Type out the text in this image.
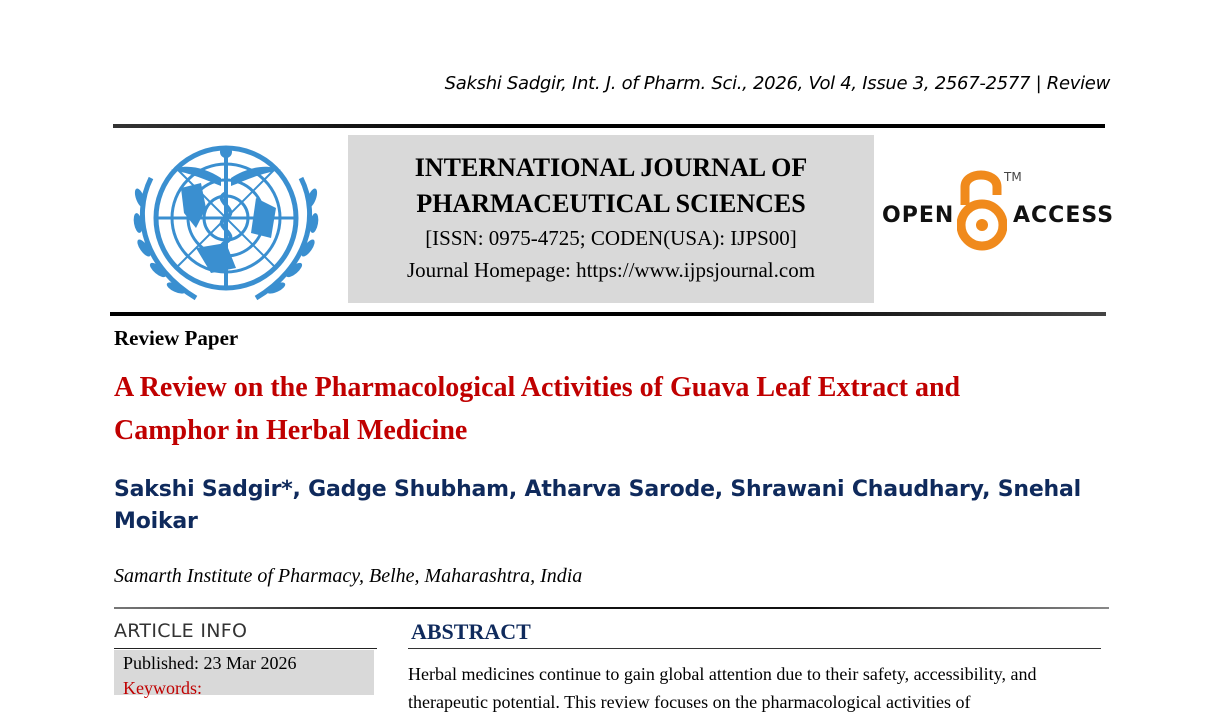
Sakshi Sadgir, Int. J. of Pharm. Sci., 2026, Vol 4, Issue 3, 2567-2577 | Review
INTERNATIONAL JOURNAL OF
PHARMACEUTICAL SCIENCES
[ISSN: 0975-4725; CODEN(USA): IJPS00]
Journal Homepage: https://www.ijpsjournal.com
OPEN
TM
ACCESS
Review Paper
A Review on the Pharmacological Activities of Guava Leaf Extract and
Camphor in Herbal Medicine
Sakshi Sadgir*, Gadge Shubham, Atharva Sarode, Shrawani Chaudhary, Snehal
Moikar
Samarth Institute of Pharmacy, Belhe, Maharashtra, India
ARTICLE INFO
Published: 23 Mar 2026
Keywords:
ABSTRACT
Herbal medicines continue to gain global attention due to their safety, accessibility, and
therapeutic potential. This review focuses on the pharmacological activities of
